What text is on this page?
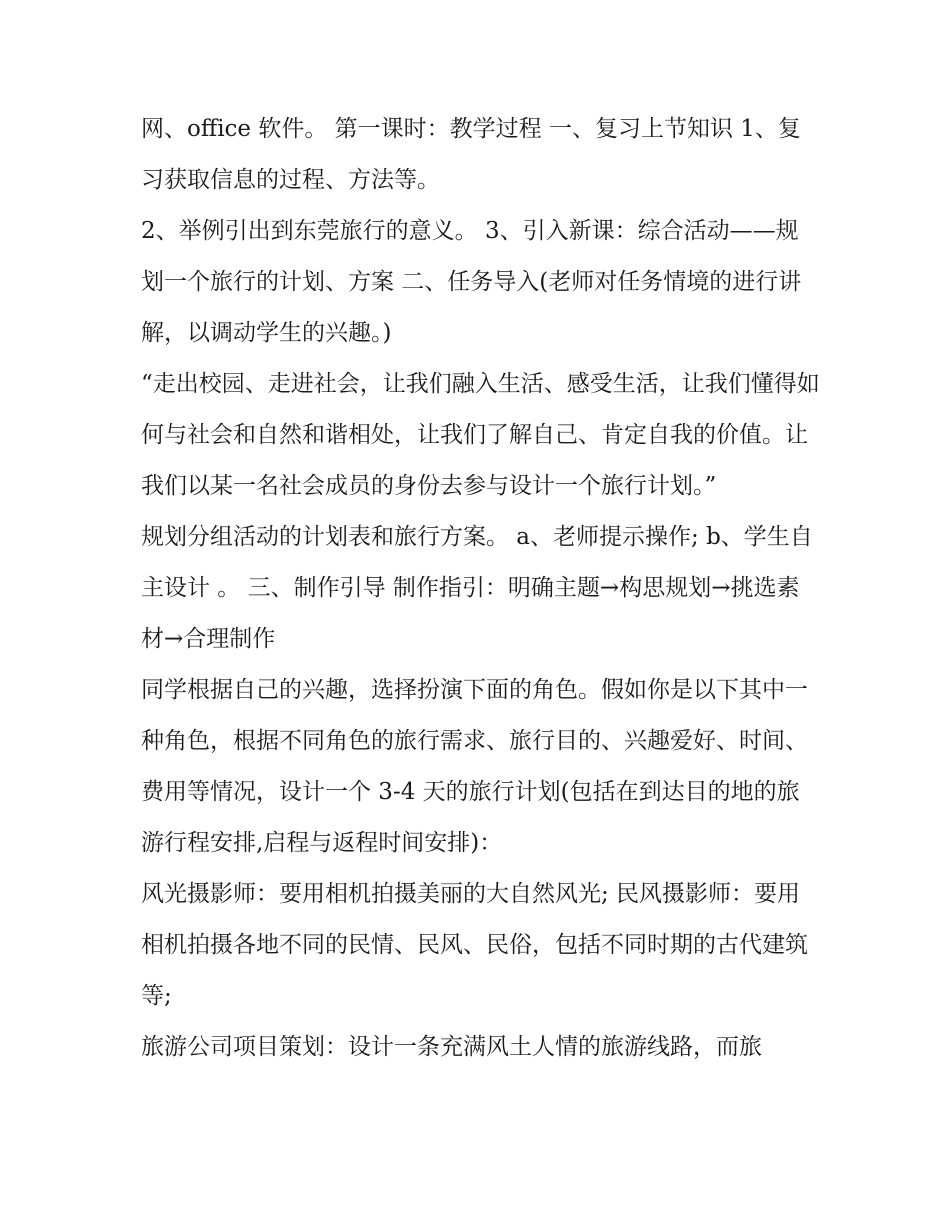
网、office 软件。 第一课时：教学过程 一、复习上节知识 1、复习获取信息的过程、方法等。

2、举例引出到东莞旅行的意义。 3、引入新课：综合活动——规划一个旅行的计划、方案 二、任务导入(老师对任务情境的进行讲解，以调动学生的兴趣。)

“走出校园、走进社会，让我们融入生活、感受生活，让我们懂得如何与社会和自然和谐相处，让我们了解自己、肯定自我的价值。让我们以某一名社会成员的身份去参与设计一个旅行计划。”

规划分组活动的计划表和旅行方案。 a、老师提示操作; b、学生自主设计 。 三、制作引导 制作指引：明确主题→构思规划→挑选素材→合理制作

同学根据自己的兴趣，选择扮演下面的角色。假如你是以下其中一种角色，根据不同角色的旅行需求、旅行目的、兴趣爱好、时间、费用等情况，设计一个 3-4 天的旅行计划(包括在到达目的地的旅游行程安排,启程与返程时间安排)：

风光摄影师：要用相机拍摄美丽的大自然风光; 民风摄影师：要用相机拍摄各地不同的民情、民风、民俗，包括不同时期的古代建筑等;

旅游公司项目策划：设计一条充满风土人情的旅游线路，而旅
